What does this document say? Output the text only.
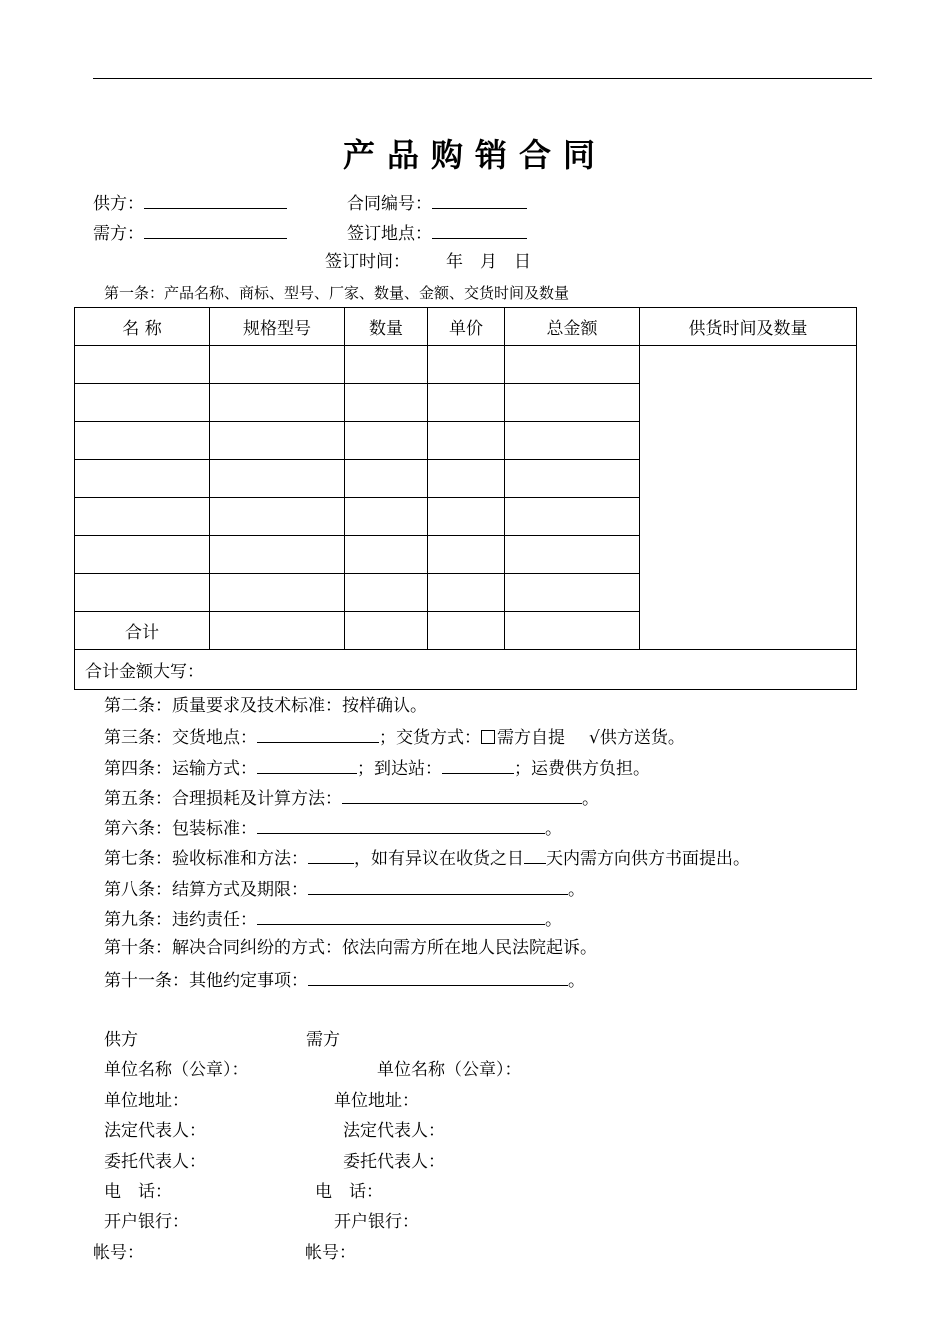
产品购销合同
供方：	合同编号：
需方：	签订地点：
签订时间： 年　月　日
第一条：产品名称、商标、型号、厂家、数量、金额、交货时间及数量
名 称	规格型号	数量	单价	总金额	供货时间及数量

合计					
合计金额大写：					
第二条：质量要求及技术标准：按样确认。
第三条：交货地点：	；交货方式： 需方自提 √供方送货。
第四条：运输方式：	；到达站：	；运费供方负担。
第五条：合理损耗及计算方法：	。
第六条：包装标准：	。
第七条：验收标准和方法：	，如有异议在收货之日 天内需方向供方书面提出。
第八条：结算方式及期限：	。
第九条：违约责任：	。
第十条：解决合同纠纷的方式：依法向需方所在地人民法院起诉。
第十一条：其他约定事项：	。
供方	需方
单位名称（公章）：	单位名称（公章）：
单位地址：	单位地址：
法定代表人：	法定代表人：
委托代表人：	委托代表人：
电　话：	电　话：
开户银行：	开户银行：
帐号：	帐号：
